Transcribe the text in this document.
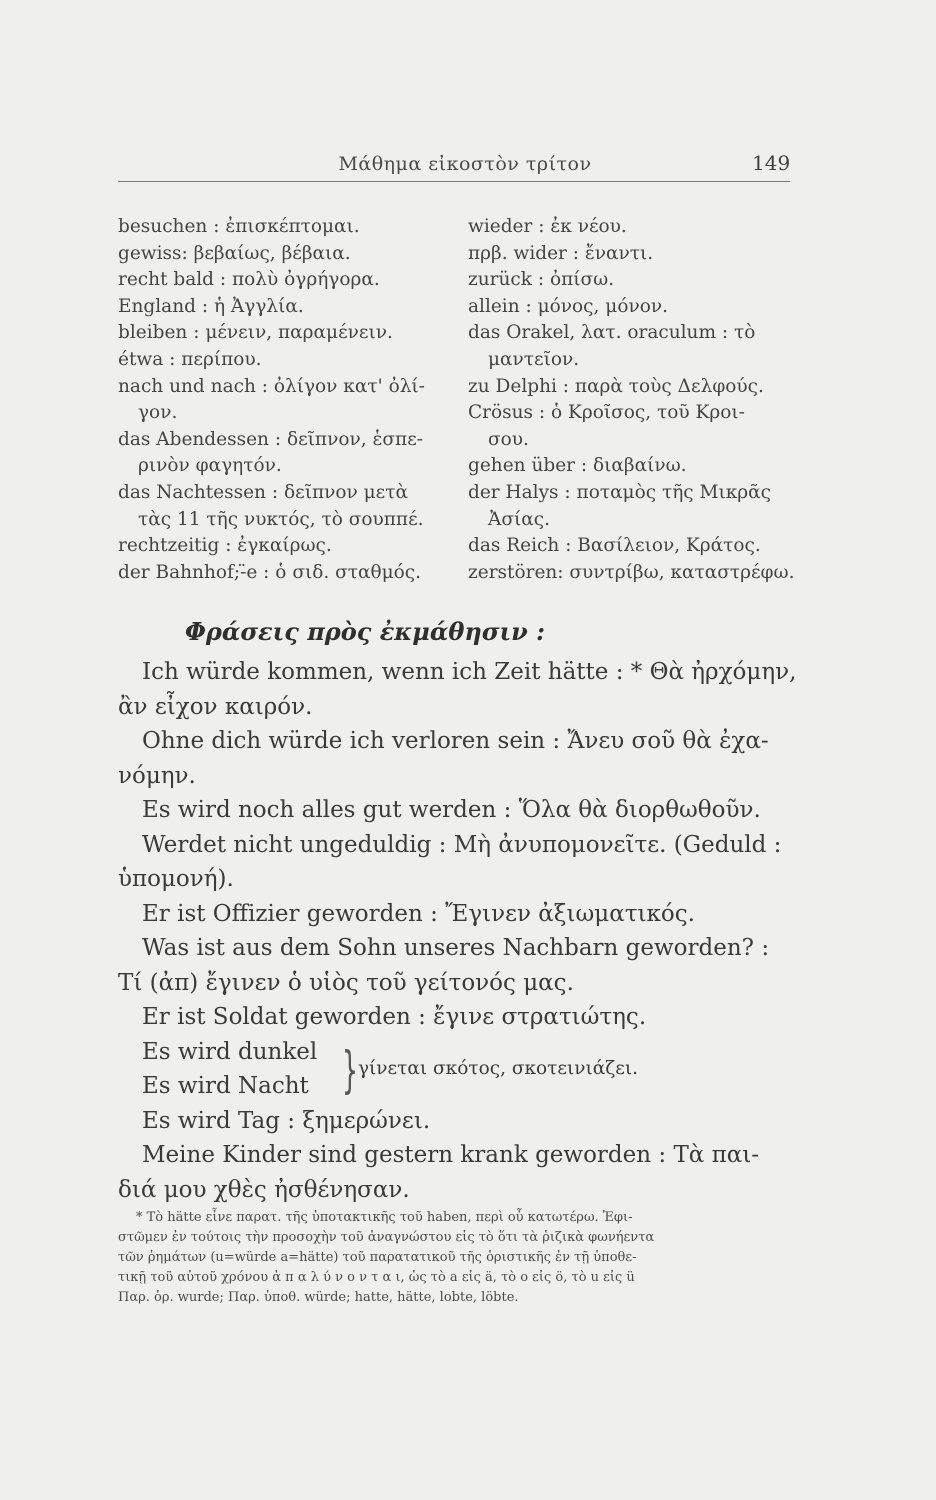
Μάθημα εἰκοστὸν τρίτον	149
besuchen : ἐπισκέπτομαι.
gewiss: βεβαίως, βέβαια.
recht bald : πολὺ ὀγρήγορα.
England : ἡ Ἀγγλία.
bleiben : μένειν, παραμένειν.
étwa : περίπου.
nach und nach : ὀλίγον κατ' ὀλί-
γον.
das Abendessen : δεῖπνον, ἑσπε-
ρινὸν φαγητόν.
das Nachtessen : δεῖπνον μετὰ
τὰς 11 τῆς νυκτός, τὸ σουππέ.
rechtzeitig : ἐγκαίρως.
der Bahnhof;-̈e : ὁ σιδ. σταθμός.
wieder : ἐκ νέου.
πρβ. wider : ἔναντι.
zurück : ὀπίσω.
allein : μόνος, μόνον.
das Orakel, λατ. oraculum : τὸ
μαντεῖον.
zu Delphi : παρὰ τοὺς Δελφούς.
Crösus : ὁ Κροῖσος, τοῦ Κροι-
σου.
gehen über : διαβαίνω.
der Halys : ποταμὸς τῆς Μικρᾶς
Ἀσίας.
das Reich : Βασίλειον, Κράτος.
zerstören: συντρίβω, καταστρέφω.
Φράσεις πρὸς ἐκμάθησιν :
Ich würde kommen, wenn ich Zeit hätte : * Θὰ ἠρχόμην,
ἂν εἶχον καιρόν.
Ohne dich würde ich verloren sein : Ἄνευ σοῦ θὰ ἐχα-
νόμην.
Es wird noch alles gut werden : Ὅλα θὰ διορθωθοῦν.
Werdet nicht ungeduldig : Μὴ ἀνυπομονεῖτε. (Geduld :
ὑπομονή).
Er ist Offizier geworden : Ἔγινεν ἀξιωματικός.
Was ist aus dem Sohn unseres Nachbarn geworden? :
Τί (ἀπ) ἔγινεν ὁ υἱὸς τοῦ γείτονός μας.
Er ist Soldat geworden : ἔγινε στρατιώτης.
Es wird dunkel
Es wird Nacht } γίνεται σκότος, σκοτεινιάζει.
Es wird Tag : ξημερώνει.
Meine Kinder sind gestern krank geworden : Τὰ παι-
διά μου χθὲς ἠσθένησαν.
* Τὸ hätte εἶνε παρατ. τῆς ὑποτακτικῆς τοῦ haben, περὶ οὗ κατωτέρω. Ἐφι-
στῶμεν ἐν τούτοις τὴν προσοχὴν τοῦ ἀναγνώστου εἰς τὸ ὅτι τὰ ῥιζικὰ φωνήεντα
τῶν ῥημάτων (u=würde a=hätte) τοῦ παρατατικοῦ τῆς ὁριστικῆς ἐν τῇ ὑποθε-
τικῇ τοῦ αὐτοῦ χρόνου ἀ π α λ ύ ν ο ν τ α ι, ὡς τὸ a εἰς ä, τὸ o εἰς ö, τὸ u εἰς ü
Παρ. ὁρ. wurde; Παρ. ὑποθ. würde; hatte, hätte, lobte, löbte.
